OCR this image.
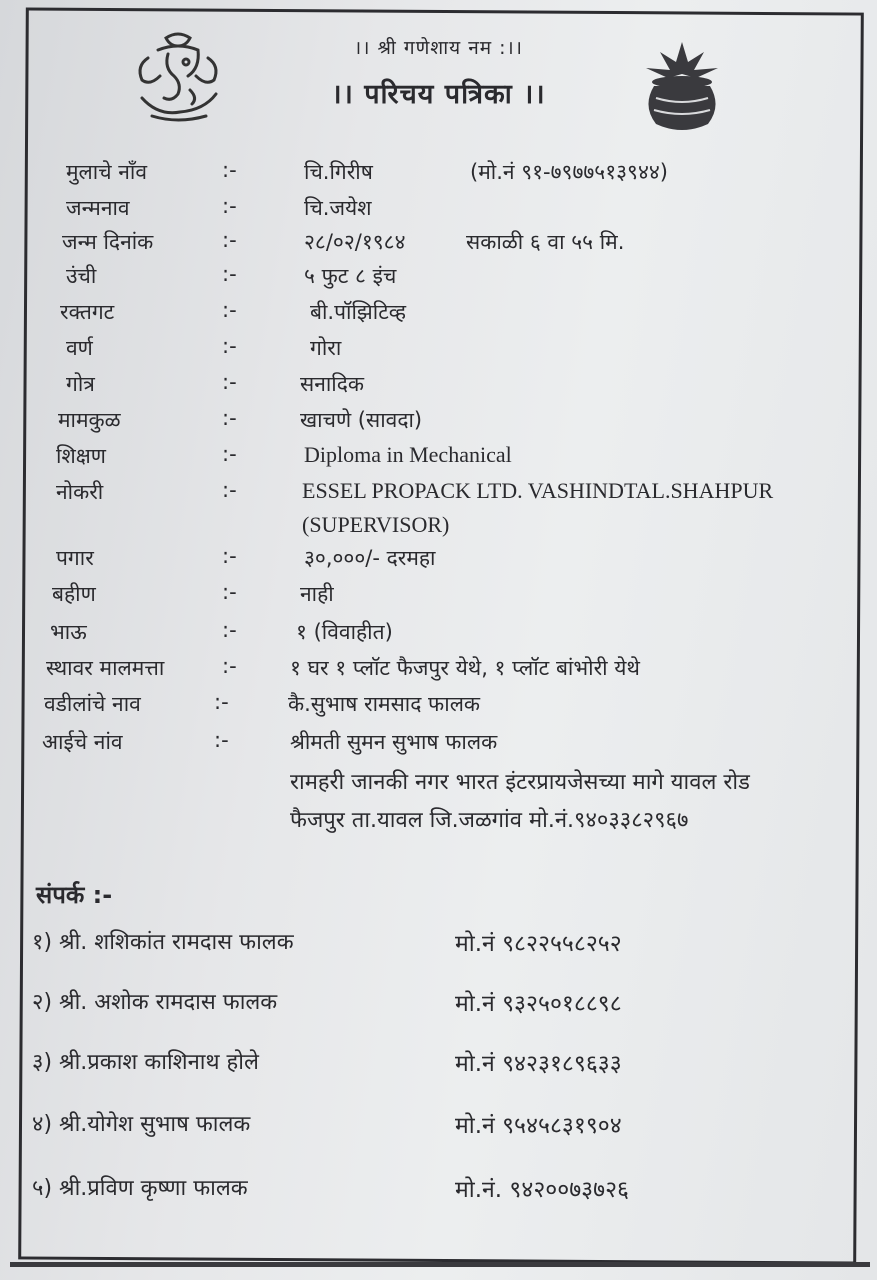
।। श्री गणेशाय नम :।।
।। परिचय पत्रिका ।।
मुलाचे नाँव	:-	चि.गिरीष	(मो.नं ९१-७९७७५१३९४४)
जन्मनाव	:-	चि.जयेश
जन्म दिनांक	:-	२८/०२/१९८४	सकाळी ६ वा ५५ मि.
उंची	:-	५ फुट ८ इंच
रक्तगट	:-	बी.पॉझिटिव्ह
वर्ण	:-	गोरा
गोत्र	:-	सनादिक
मामकुळ	:-	खाचणे (सावदा)
शिक्षण	:-	Diploma in Mechanical
नोकरी	:-	ESSEL PROPACK LTD. VASHINDTAL.SHAHPUR
(SUPERVISOR)
पगार	:-	३०,०००/- दरमहा
बहीण	:-	नाही
भाऊ	:-	१ (विवाहीत)
स्थावर मालमत्ता	:-	१ घर १ प्लॉट फैजपुर येथे, १ प्लॉट बांभोरी येथे
वडीलांचे नाव	:-	कै.सुभाष रामसाद फालक
आईचे नांव	:-	श्रीमती सुमन सुभाष फालक
रामहरी जानकी नगर भारत इंटरप्रायजेसच्या मागे यावल रोड
फैजपुर ता.यावल जि.जळगांव मो.नं.९४०३३८२९६७
संपर्क :-
१) श्री. शशिकांत रामदास फालक	मो.नं ९८२२५५८२५२
२) श्री. अशोक रामदास फालक	मो.नं ९३२५०१८८९८
३) श्री.प्रकाश काशिनाथ होले	मो.नं ९४२३१८९६३३
४) श्री.योगेश सुभाष फालक	मो.नं ९५४५८३१९०४
५) श्री.प्रविण कृष्णा फालक	मो.नं. ९४२००७३७२६
